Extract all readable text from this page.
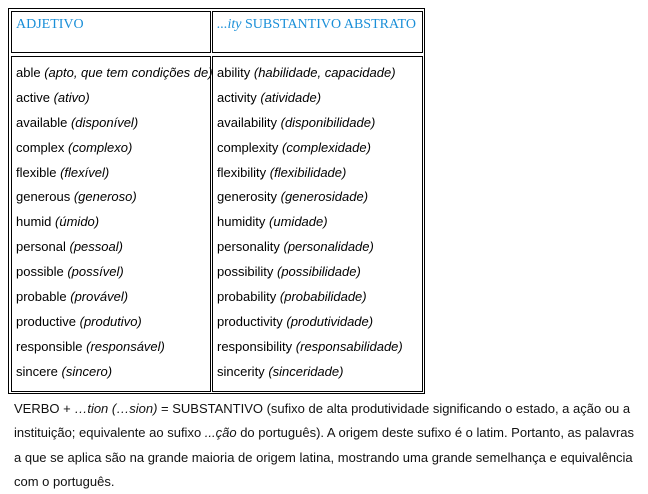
ADJETIVO	...ity SUBSTANTIVO ABSTRATO
able (apto, que tem condições de)
active (ativo)
available (disponível)
complex (complexo)
flexible (flexível)
generous (generoso)
humid (úmido)
personal (pessoal)
possible (possível)
probable (provável)
productive (produtivo)
responsible (responsável)
sincere (sincero)
ability (habilidade, capacidade)
activity (atividade)
availability (disponibilidade)
complexity (complexidade)
flexibility (flexibilidade)
generosity (generosidade)
humidity (umidade)
personality (personalidade)
possibility (possibilidade)
probability (probabilidade)
productivity (produtividade)
responsibility (responsabilidade)
sincerity (sinceridade)
VERBO + …tion (…sion) = SUBSTANTIVO (sufixo de alta produtividade significando o estado, a ação ou a instituição; equivalente ao sufixo ...ção do português). A origem deste sufixo é o latim. Portanto, as palavras a que se aplica são na grande maioria de origem latina, mostrando uma grande semelhança e equivalência com o português.
